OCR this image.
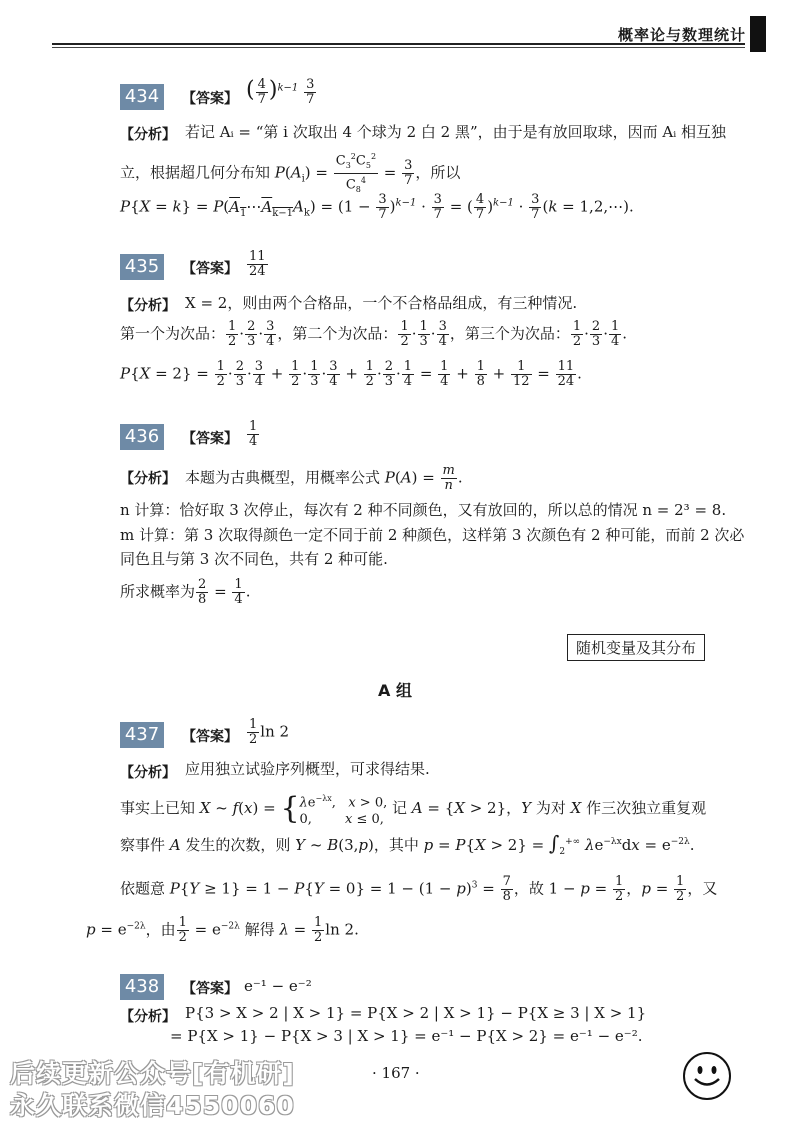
概率论与数理统计
434	【答案】 ( $\frac{4}{7} )^{k-1} \frac{3}{7}$
【分析】 若记 Aᵢ = “第 i 次取出 4 个球为 2 白 2 黑”，由于是有放回取球，因而 Aᵢ 相互独
立，根据超几何分布知 $P(A_i) = \frac{C_3^2C_5^2}{C_8^4} = \frac{3}{7}$ ，所以
$P\{X = k\} = P(A_1\cdots A_{k-1}A_k) = (1 - \frac{3}{7} )^{k-1} \cdot \frac{3}{7}$ = ( $\frac{4}{7} )^{k-1} \cdot \frac{3}{7} (k$ = 1,2,⋯).
435	【答案】 $\frac{11}{24}$
【分析】 X = 2，则由两个合格品，一个不合格品组成，有三种情况.
第一个为次品： $\frac{1}{2} \cdot \frac{2}{3} \cdot \frac{3}{4}$ ，第二个为次品： $\frac{1}{2} \cdot \frac{1}{3} \cdot \frac{3}{4}$ ，第三个为次品： $\frac{1}{2} \cdot \frac{2}{3} \cdot \frac{1}{4}$ .
$P\{X = 2\} = \frac{1}{2} \cdot \frac{2}{3} \cdot \frac{3}{4} + \frac{1}{2} \cdot \frac{1}{3} \cdot \frac{3}{4} + \frac{1}{2} \cdot \frac{2}{3} \cdot \frac{1}{4} = \frac{1}{4} + \frac{1}{8} + \frac{1}{12} = \frac{11}{24}$ .
436	【答案】 $\frac{1}{4}$
【分析】 本题为古典概型，用概率公式 $P(A) = \frac{m}{n}$ .
n 计算：恰好取 3 次停止，每次有 2 种不同颜色，又有放回的，所以总的情况 n = 2³ = 8.
m 计算：第 3 次取得颜色一定不同于前 2 种颜色，这样第 3 次颜色有 2 种可能，而前 2 次必
同色且与第 3 次不同色，共有 2 种可能.
所求概率为 $\frac{2}{8} = \frac{1}{4}$ .
随机变量及其分布
A 组
437	【答案】 $\frac{1}{2}$ ln 2
【分析】 应用独立试验序列概型，可求得结果.
事实上已知 X ~ $f(x) = \{\lambda e^{-\lambda x}$,   x > 0,
0,        x ≤ 0, 记 A = {X > 2}，Y 为对 X 作三次独立重复观
察事件 A 发生的次数，则 Y ~ B(3,p)，其中 $p = P\{X > 2\} = \int_2^{+\infty}$ $\lambda e^{-\lambda x}dx = e^{-2\lambda}$.
依题意 $P\{Y \ge 1\} = 1 - P\{Y = 0\} = 1 - (1 - p)^3 = \frac{7}{8}$ ，故 $1 - p = \frac{1}{2}$ ，$p = \frac{1}{2}$ ，又
$p = e^{-2\lambda}$，由 $\frac{1}{2} = e^{-2\lambda}$ 解得 $\lambda = \frac{1}{2}$ ln 2.
438	【答案】 e⁻¹ − e⁻²
【分析】 P{3 > X > 2 | X > 1} = P{X > 2 | X > 1} − P{X ≥ 3 | X > 1}
= P{X > 1} − P{X > 3 | X > 1} = e⁻¹ − P{X > 2} = e⁻¹ − e⁻².
· 167 ·
后续更新公众号[有机研]
永久联系微信4550060
